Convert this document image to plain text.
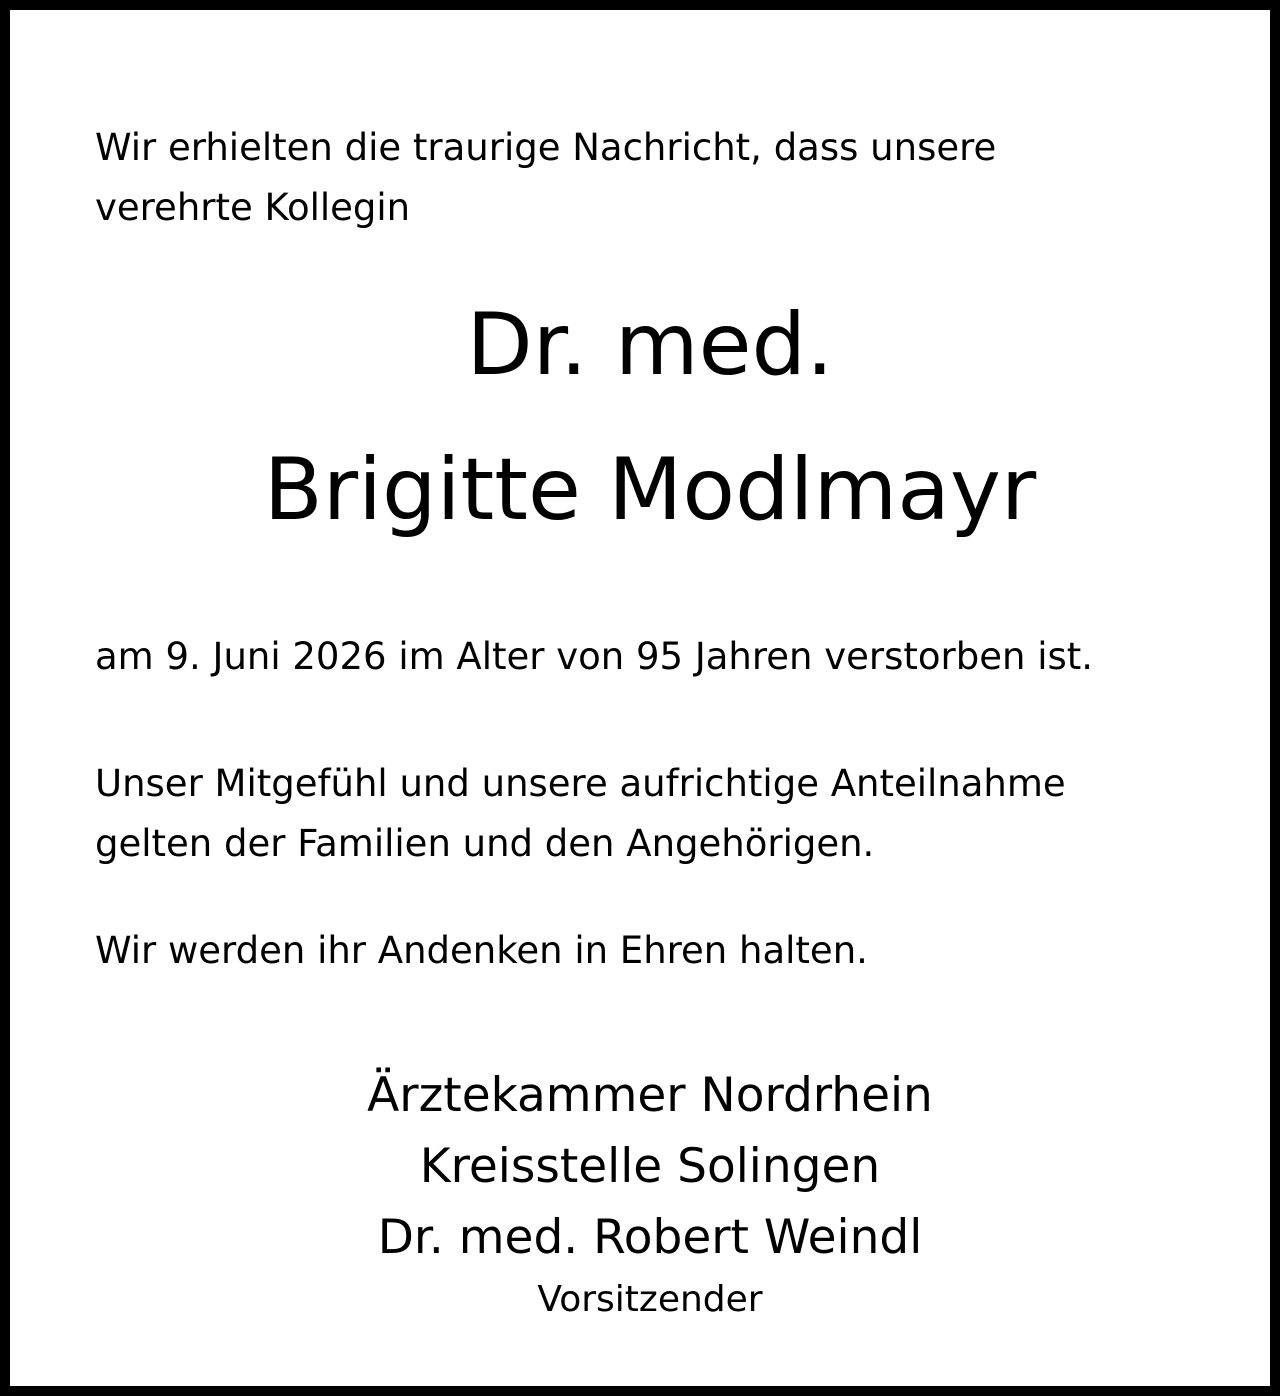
Wir erhielten die traurige Nachricht, dass unsere
verehrte Kollegin

Dr. med.
Brigitte Modlmayr

am 9. Juni 2026 im Alter von 95 Jahren verstorben ist.

Unser Mitgefühl und unsere aufrichtige Anteilnahme
gelten der Familien und den Angehörigen.

Wir werden ihr Andenken in Ehren halten.

Ärztekammer Nordrhein
Kreisstelle Solingen
Dr. med. Robert Weindl
Vorsitzender
